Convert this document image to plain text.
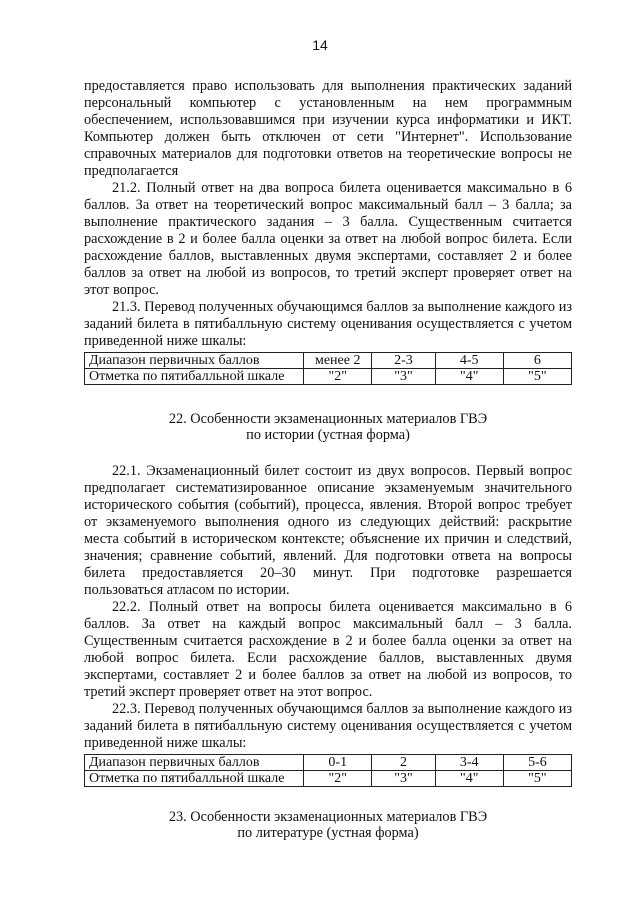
14

предоставляется право использовать для выполнения практических заданий персональный компьютер с установленным на нем программным обеспечением, использовавшимся при изучении курса информатики и ИКТ. Компьютер должен быть отключен от сети "Интернет". Использование справочных материалов для подготовки ответов на теоретические вопросы не предполагается

21.2. Полный ответ на два вопроса билета оценивается максимально в 6 баллов. За ответ на теоретический вопрос максимальный балл – 3 балла; за выполнение практического задания – 3 балла. Существенным считается расхождение в 2 и более балла оценки за ответ на любой вопрос билета. Если расхождение баллов, выставленных двумя экспертами, составляет 2 и более баллов за ответ на любой из вопросов, то третий эксперт проверяет ответ на этот вопрос.

21.3. Перевод полученных обучающимся баллов за выполнение каждого из заданий билета в пятибалльную систему оценивания осуществляется с учетом приведенной ниже шкалы:

Диапазон первичных баллов	менее 2	2-3	4-5	6
Отметка по пятибалльной шкале	"2"	"3"	"4"	"5"
22. Особенности экзаменационных материалов ГВЭ
по истории (устная форма)

22.1. Экзаменационный билет состоит из двух вопросов. Первый вопрос предполагает систематизированное описание экзаменуемым значительного исторического события (событий), процесса, явления. Второй вопрос требует от экзаменуемого выполнения одного из следующих действий: раскрытие места событий в историческом контексте; объяснение их причин и следствий, значения; сравнение событий, явлений. Для подготовки ответа на вопросы билета предоставляется 20–30 минут. При подготовке разрешается пользоваться атласом по истории.

22.2. Полный ответ на вопросы билета оценивается максимально в 6 баллов. За ответ на каждый вопрос максимальный балл – 3 балла. Существенным считается расхождение в 2 и более балла оценки за ответ на любой вопрос билета. Если расхождение баллов, выставленных двумя экспертами, составляет 2 и более баллов за ответ на любой из вопросов, то третий эксперт проверяет ответ на этот вопрос.

22.3. Перевод полученных обучающимся баллов за выполнение каждого из заданий билета в пятибалльную систему оценивания осуществляется с учетом приведенной ниже шкалы:

Диапазон первичных баллов	0-1	2	3-4	5-6
Отметка по пятибалльной шкале	"2"	"3"	"4"	"5"
23. Особенности экзаменационных материалов ГВЭ
по литературе (устная форма)
